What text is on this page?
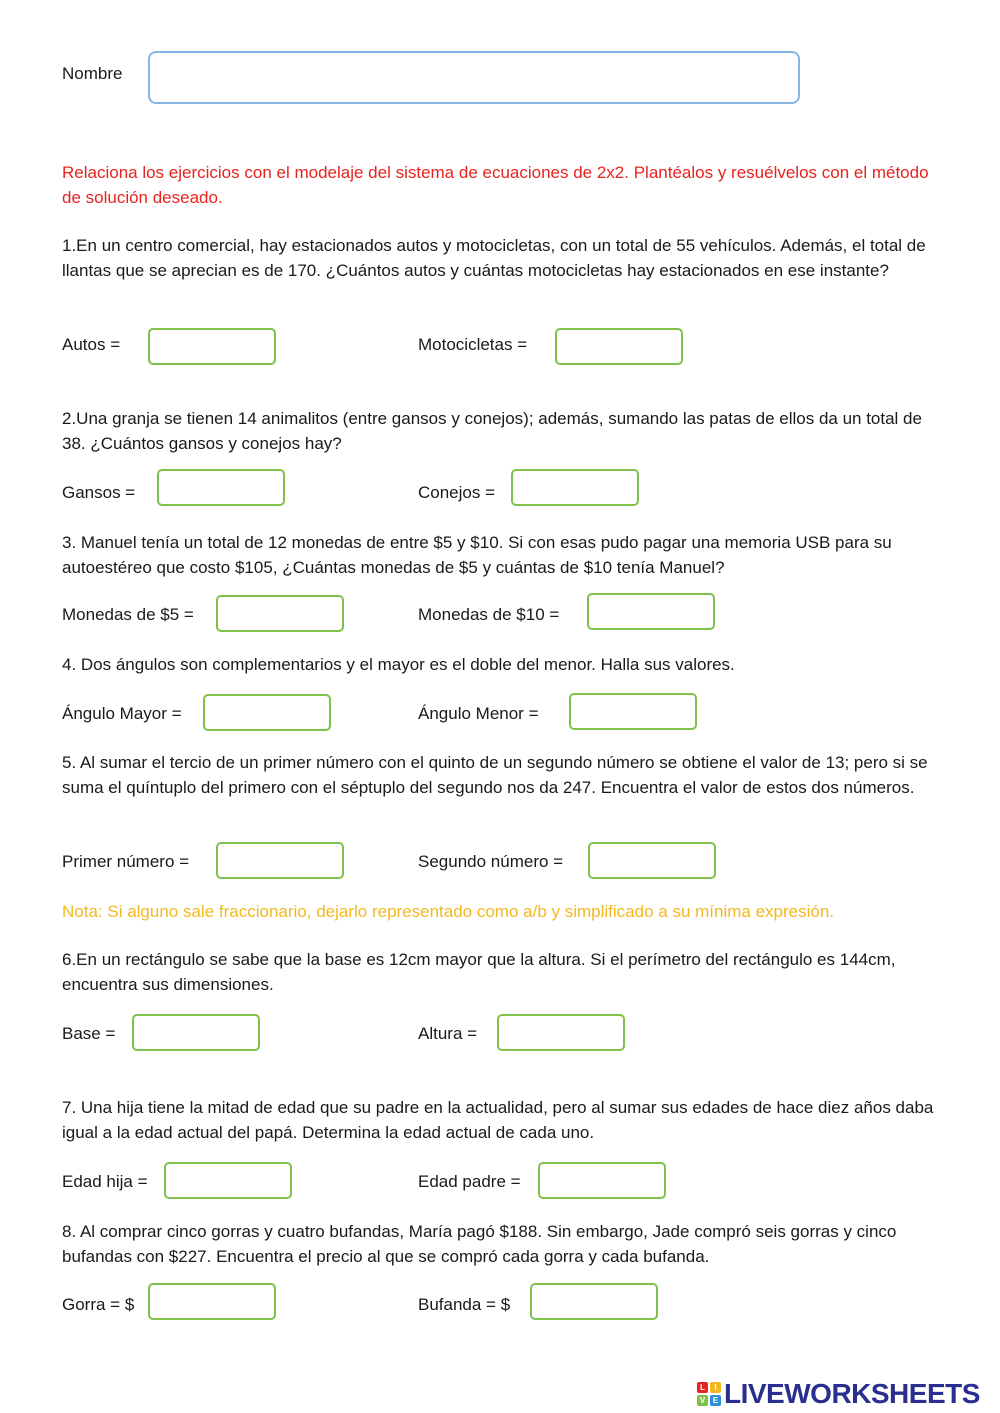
Nombre
Relaciona los ejercicios con el modelaje del sistema de ecuaciones de 2x2. Plantéalos y resuélvelos con el método de solución deseado.
1.En un centro comercial, hay estacionados autos y motocicletas, con un total de 55 vehículos. Además, el total de llantas que se aprecian es de 170. ¿Cuántos autos y cuántas motocicletas hay estacionados en ese instante?
Autos =	Motocicletas =
2.Una granja se tienen 14 animalitos (entre gansos y conejos); además, sumando las patas de ellos da un total de 38. ¿Cuántos gansos y conejos hay?
Gansos =	Conejos =
3. Manuel tenía un total de 12 monedas de entre $5 y $10. Si con esas pudo pagar una memoria USB para su autoestéreo que costo $105, ¿Cuántas monedas de $5 y cuántas de $10 tenía Manuel?
Monedas de $5 =	Monedas de $10 =
4. Dos ángulos son complementarios y el mayor es el doble del menor. Halla sus valores.
Ángulo Mayor =	Ángulo Menor =
5. Al sumar el tercio de un primer número con el quinto de un segundo número se obtiene el valor de 13; pero si se suma el quíntuplo del primero con el séptuplo del segundo nos da 247. Encuentra el valor de estos dos números.
Primer número =	Segundo número =
Nota: Si alguno sale fraccionario, dejarlo representado como a/b y simplificado a su mínima expresión.
6.En un rectángulo se sabe que la base es 12cm mayor que la altura. Si el perímetro del rectángulo es 144cm, encuentra sus dimensiones.
Base =	Altura =
7. Una hija tiene la mitad de edad que su padre en la actualidad, pero al sumar sus edades de hace diez años daba igual a la edad actual del papá. Determina la edad actual de cada uno.
Edad hija =	Edad padre =
8. Al comprar cinco gorras y cuatro bufandas, María pagó $188. Sin embargo, Jade compró seis gorras y cinco bufandas con $227. Encuentra el precio al que se compró cada gorra y cada bufanda.
Gorra = $	Bufanda = $
L	I
V E LIVEWORKSHEETS
